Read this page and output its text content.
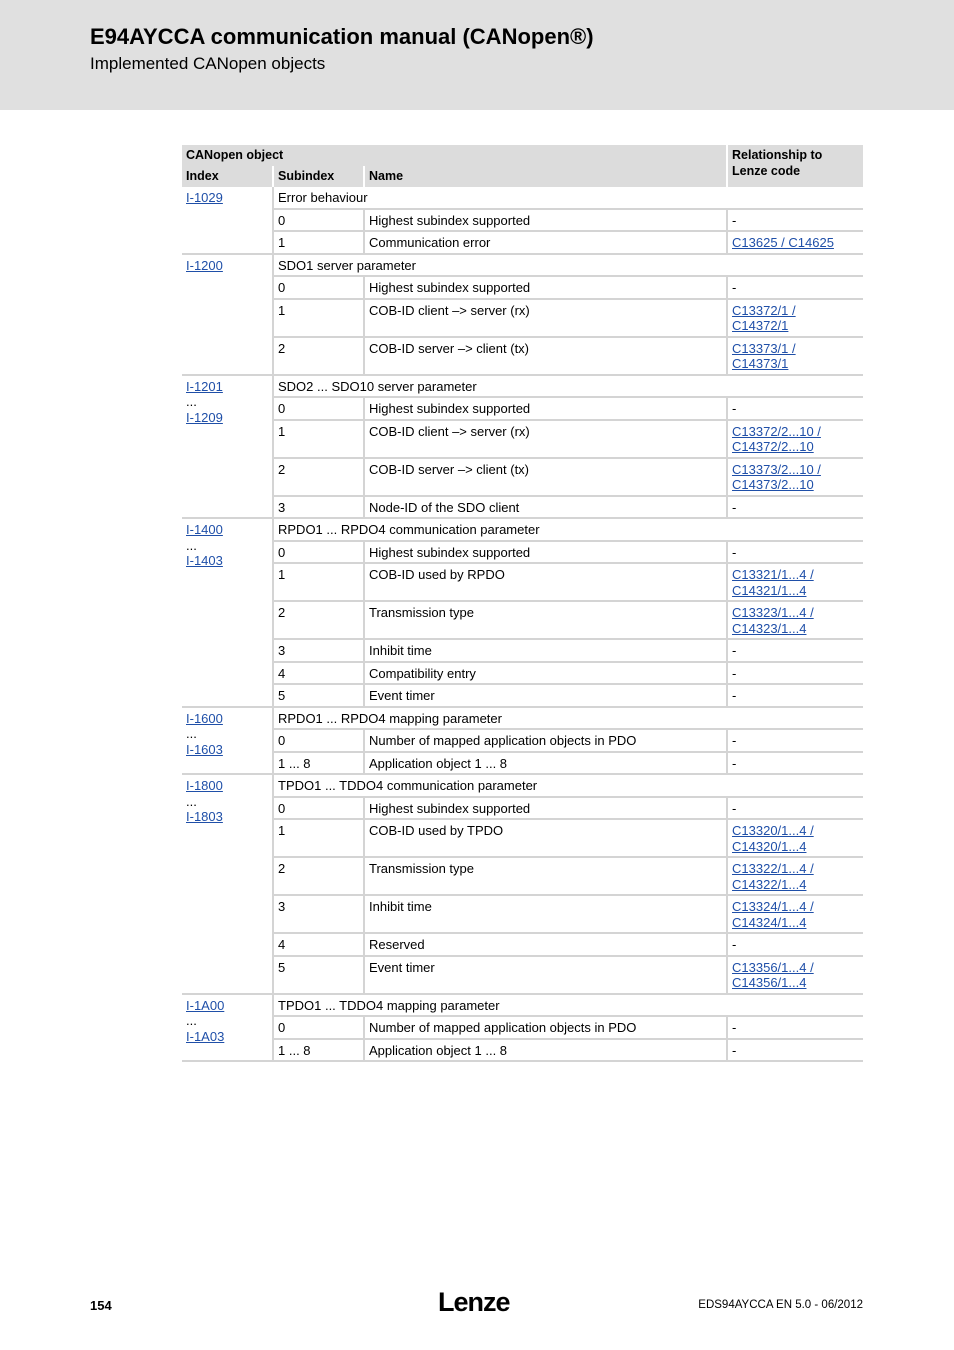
E94AYCCA communication manual (CANopen®)
Implemented CANopen objects
CANopen object			Relationship to Lenze code
Index	Subindex	Name	

I-1029	Error behaviour		
	0	Highest subindex supported	-

	1	Communication error	C13625 / C14625

I-1200	SDO1 server parameter		
	0	Highest subindex supported	-

	1	COB-ID client –> server (rx)	C13372/1 /
C14372/1

	2	COB-ID server –> client (tx)	C13373/1 /
C14373/1

I-1201
...
I-1209	SDO2 ... SDO10 server parameter		
	0	Highest subindex supported	-

	1	COB-ID client –> server (rx)	C13372/2...10 /
C14372/2...10

	2	COB-ID server –> client (tx)	C13373/2...10 /
C14373/2...10

	3	Node-ID of the SDO client	-

I-1400
...
I-1403	RPDO1 ... RPDO4 communication parameter		
	0	Highest subindex supported	-

	1	COB-ID used by RPDO	C13321/1...4 /
C14321/1...4

	2	Transmission type	C13323/1...4 /
C14323/1...4

	3	Inhibit time	-

	4	Compatibility entry	-

	5	Event timer	-

I-1600
...
I-1603	RPDO1 ... RPDO4 mapping parameter		
	0	Number of mapped application objects in PDO	-

	1 ... 8	Application object 1 ... 8	-

I-1800
...
I-1803	TPDO1 ... TDDO4 communication parameter		
	0	Highest subindex supported	-

	1	COB-ID used by TPDO	C13320/1...4 /
C14320/1...4

	2	Transmission type	C13322/1...4 /
C14322/1...4

	3	Inhibit time	C13324/1...4 /
C14324/1...4

	4	Reserved	-

	5	Event timer	C13356/1...4 /
C14356/1...4

I-1A00
...
I-1A03	TPDO1 ... TDDO4 mapping parameter		
	0	Number of mapped application objects in PDO	-

	1 ... 8	Application object 1 ... 8	-
154	Lenze	EDS94AYCCA EN 5.0 - 06/2012
